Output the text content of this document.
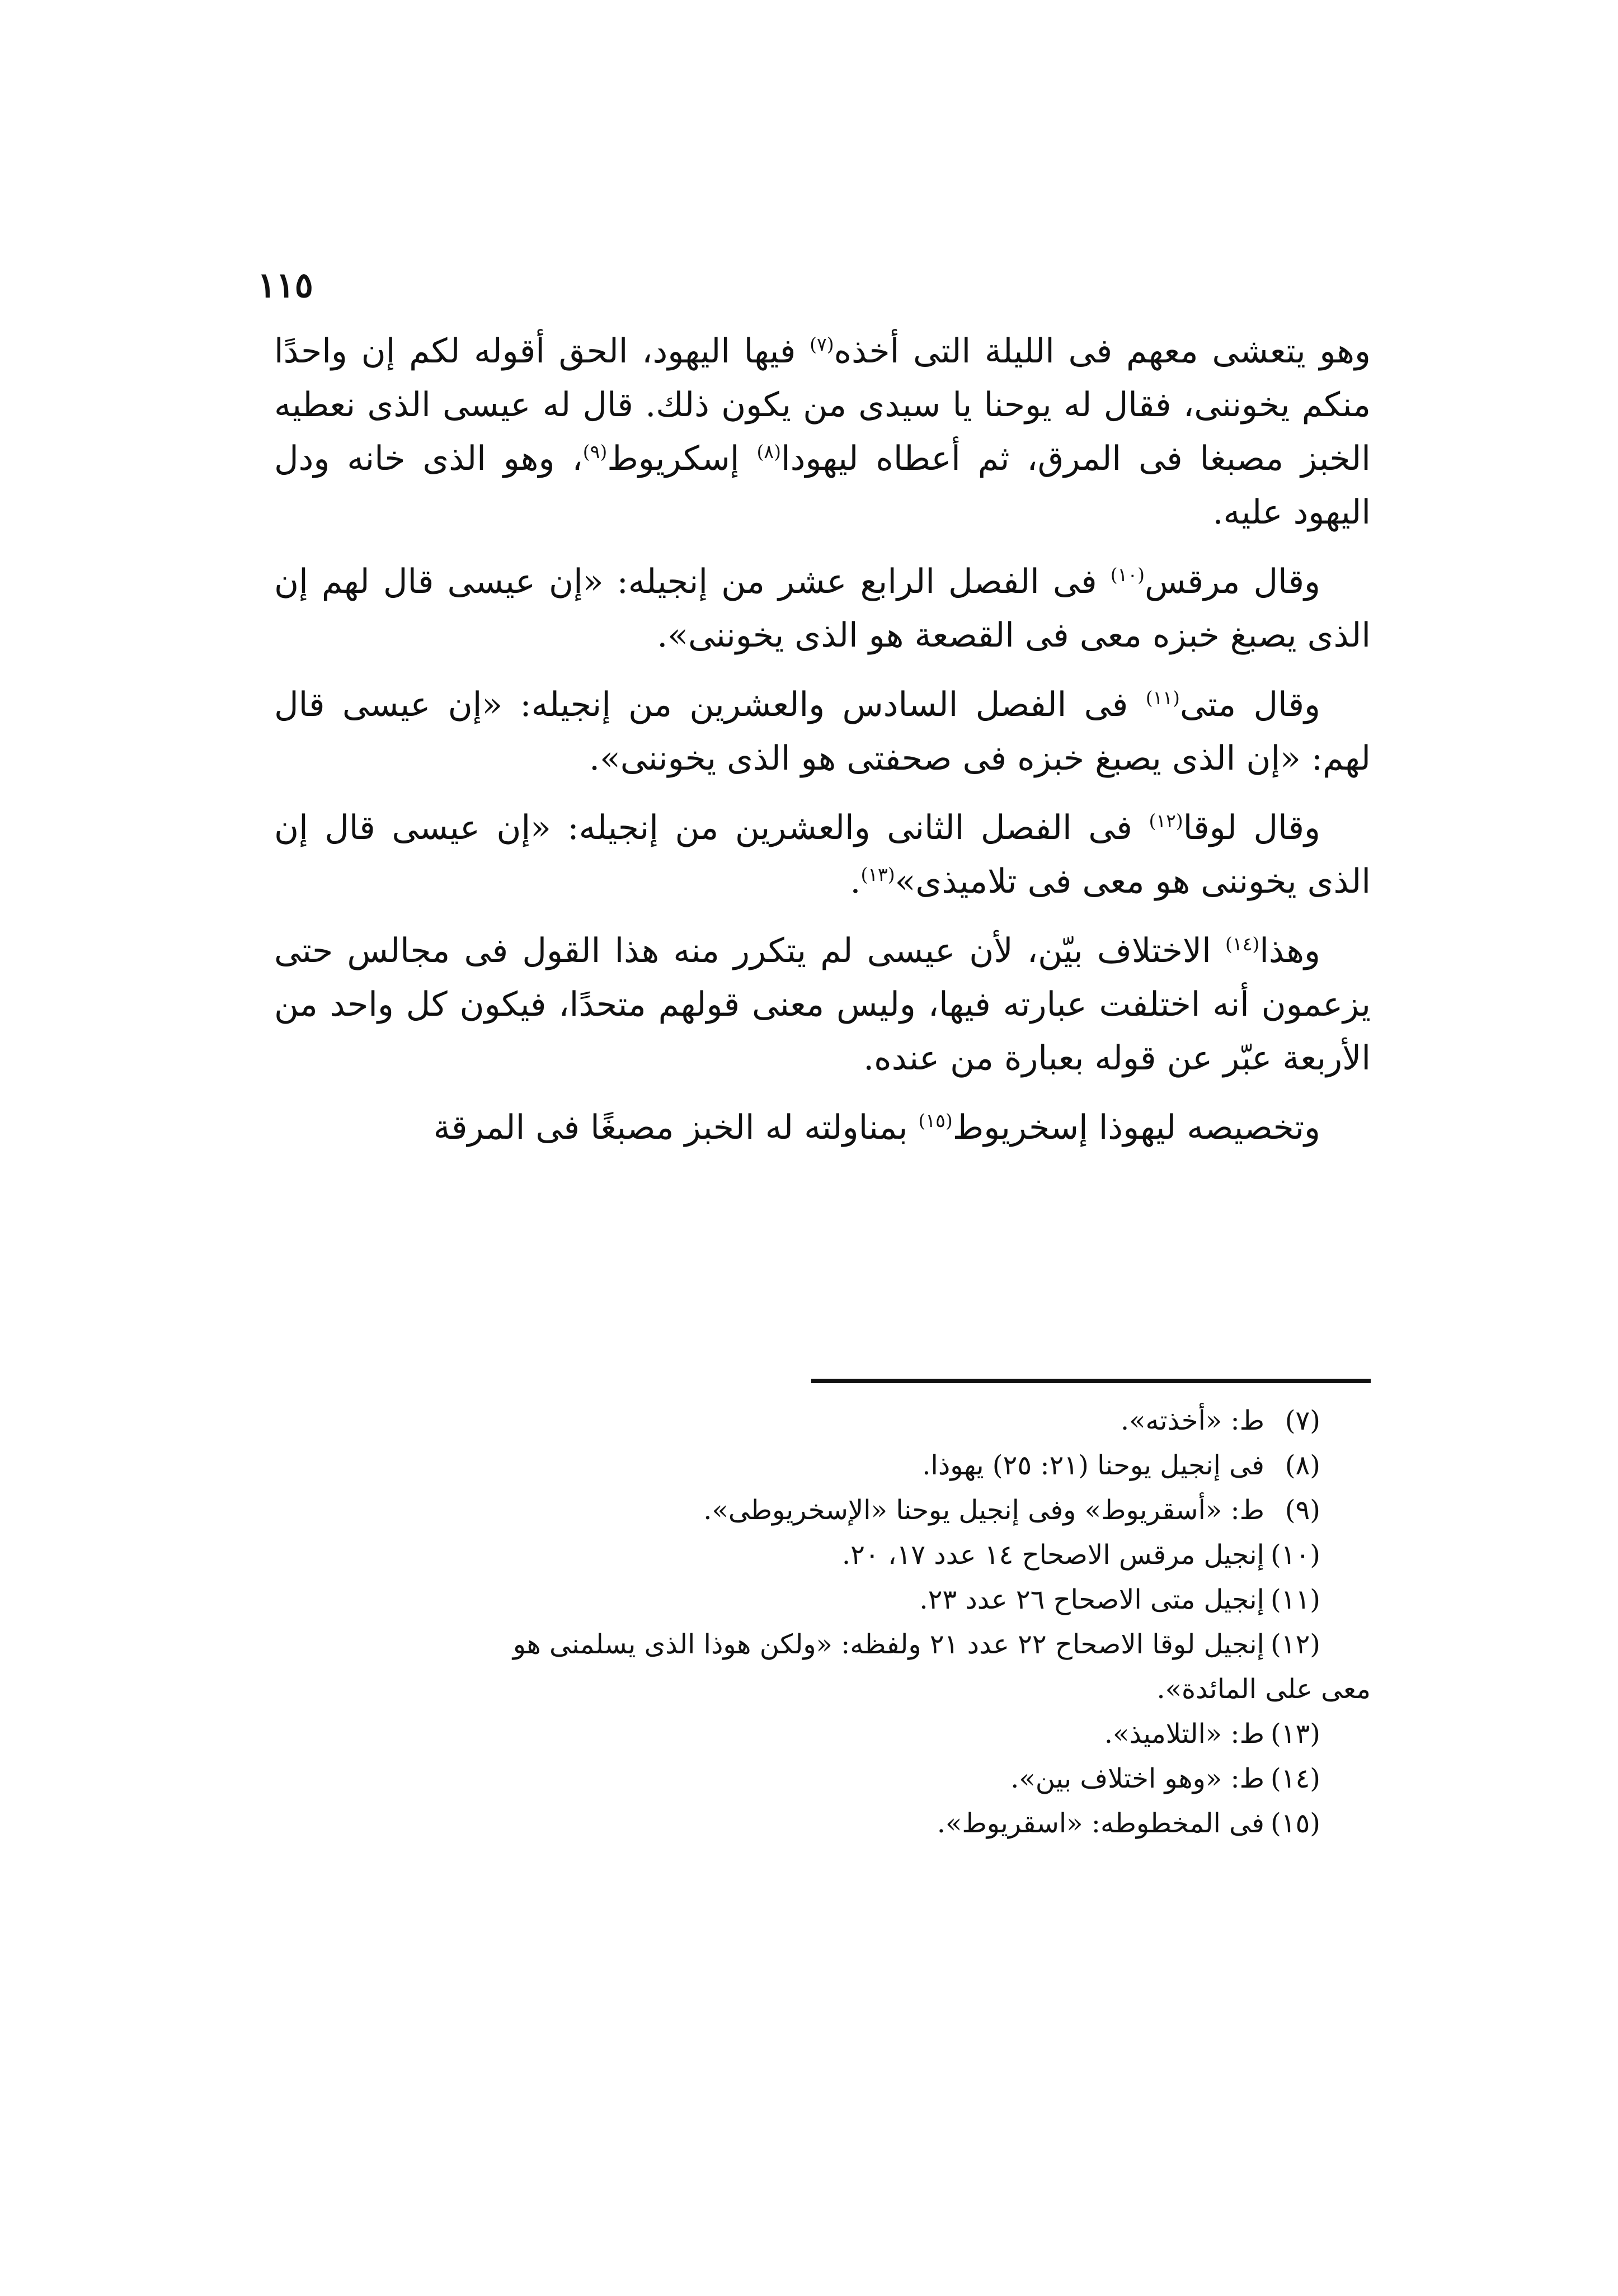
١١٥

وهو يتعشى معهم فى الليلة التى أخذه$^{(٧)}$ فيها اليهود، الحق أقوله لكم إن واحدًا منكم يخوننى، فقال له يوحنا يا سيدى من يكون ذلك. قال له عيسى الذى نعطيه الخبز مصبغا فى المرق، ثم أعطاه ليهودا$^{(٨)}$ إسكريوط$^{(٩)}$، وهو الذى خانه ودل اليهود عليه.

وقال مرقس$^{(١٠)}$ فى الفصل الرابع عشر من إنجيله: «إن عيسى قال لهم إن الذى يصبغ خبزه معى فى القصعة هو الذى يخوننى».

وقال متى$^{(١١)}$ فى الفصل السادس والعشرين من إنجيله: «إن عيسى قال لهم: «إن الذى يصبغ خبزه فى صحفتى هو الذى يخوننى».

وقال لوقا$^{(١٢)}$ فى الفصل الثانى والعشرين من إنجيله: «إن عيسى قال إن الذى يخوننى هو معى فى تلاميذى»$^{(١٣)}$.

وهذا$^{(١٤)}$ الاختلاف بيّن، لأن عيسى لم يتكرر منه هذا القول فى مجالس حتى يزعمون أنه اختلفت عبارته فيها، وليس معنى قولهم متحدًا، فيكون كل واحد من الأربعة عبّر عن قوله بعبارة من عنده.

وتخصيصه ليهوذا إسخريوط$^{(١٥)}$ بمناولته له الخبز مصبغًا فى المرقة

(٧)ط: «أخذته».

(٨)فى إنجيل يوحنا (٢١: ٢٥) يهوذا.

(٩)ط: «أسقريوط» وفى إنجيل يوحنا «الإسخريوطى».

(١٠)إنجيل مرقس الاصحاح ١٤ عدد ١٧، ٢٠.

(١١)إنجيل متى الاصحاح ٢٦ عدد ٢٣.

(١٢)إنجيل لوقا الاصحاح ٢٢ عدد ٢١ ولفظه: «ولكن هوذا الذى يسلمنى هو

معى على المائدة».

(١٣)ط: «التلاميذ».

(١٤)ط: «وهو اختلاف بين».

(١٥)فى المخطوطه: «اسقريوط».
